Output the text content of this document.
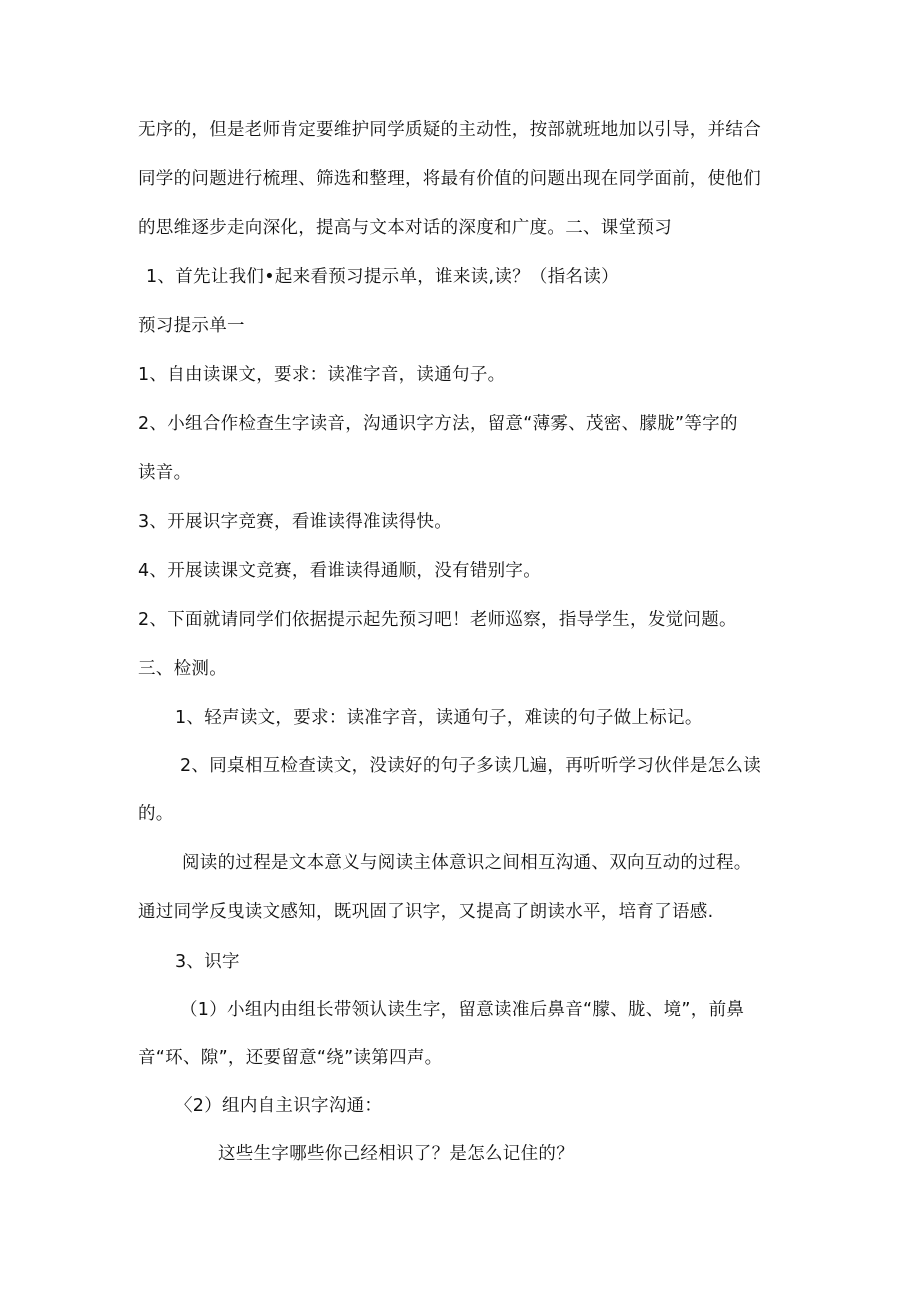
无序的，但是老师肯定要维护同学质疑的主动性，按部就班地加以引导，并结合
同学的问题进行梳理、筛选和整理，将最有价值的问题出现在同学面前，使他们
的思维逐步走向深化，提高与文本对话的深度和广度。二、课堂预习
1、首先让我们•起来看预习提示单，谁来读,读？（指名读）
预习提示单一
1、自由读课文，要求：读准字音，读通句子。
2、小组合作检查生字读音，沟通识字方法，留意“薄雾、茂密、朦胧”等字的
读音。
3、开展识字竞赛，看谁读得准读得快。
4、开展读课文竞赛，看谁读得通顺，没有错别字。
2、下面就请同学们依据提示起先预习吧！老师巡察，指导学生，发觉问题。
三、检测。
1、轻声读文，要求：读准字音，读通句子，难读的句子做上标记。
2、同桌相互检查读文，没读好的句子多读几遍，再听听学习伙伴是怎么读
的。
阅读的过程是文本意义与阅读主体意识之间相互沟通、双向互动的过程。
通过同学反曳读文感知，既巩固了识字，又提高了朗读水平，培育了语感.
3、识字
（1）小组内由组长带领认读生字，留意读准后鼻音“朦、胧、境”，前鼻
音“环、隙”，还要留意“绕”读第四声。
〈2）组内自主识字沟通：
这些生字哪些你己经相识了？是怎么记住的？
